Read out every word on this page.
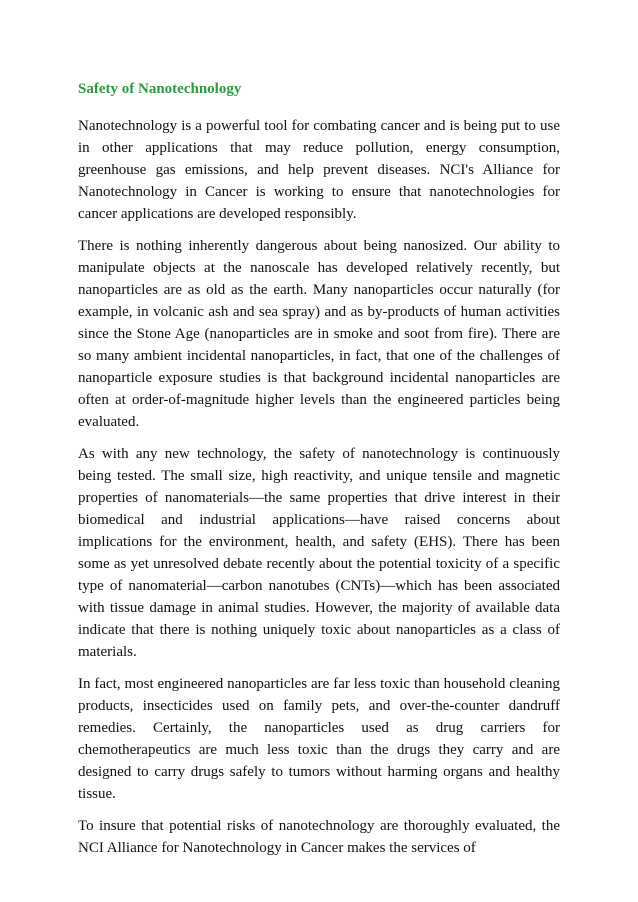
Safety of Nanotechnology

Nanotechnology is a powerful tool for combating cancer and is being put to use in other applications that may reduce pollution, energy consumption, greenhouse gas emissions, and help prevent diseases. NCI's Alliance for Nanotechnology in Cancer is working to ensure that nanotechnologies for cancer applications are developed responsibly.

There is nothing inherently dangerous about being nanosized. Our ability to manipulate objects at the nanoscale has developed relatively recently, but nanoparticles are as old as the earth. Many nanoparticles occur naturally (for example, in volcanic ash and sea spray) and as by-products of human activities since the Stone Age (nanoparticles are in smoke and soot from fire). There are so many ambient incidental nanoparticles, in fact, that one of the challenges of nanoparticle exposure studies is that background incidental nanoparticles are often at order-of-magnitude higher levels than the engineered particles being evaluated.

As with any new technology, the safety of nanotechnology is continuously being tested. The small size, high reactivity, and unique tensile and magnetic properties of nanomaterials—the same properties that drive interest in their biomedical and industrial applications—have raised concerns about implications for the environment, health, and safety (EHS). There has been some as yet unresolved debate recently about the potential toxicity of a specific type of nanomaterial—carbon nanotubes (CNTs)—which has been associated with tissue damage in animal studies. However, the majority of available data indicate that there is nothing uniquely toxic about nanoparticles as a class of materials.

In fact, most engineered nanoparticles are far less toxic than household cleaning products, insecticides used on family pets, and over-the-counter dandruff remedies. Certainly, the nanoparticles used as drug carriers for chemotherapeutics are much less toxic than the drugs they carry and are designed to carry drugs safely to tumors without harming organs and healthy tissue.

To insure that potential risks of nanotechnology are thoroughly evaluated, the NCI Alliance for Nanotechnology in Cancer makes the services of
